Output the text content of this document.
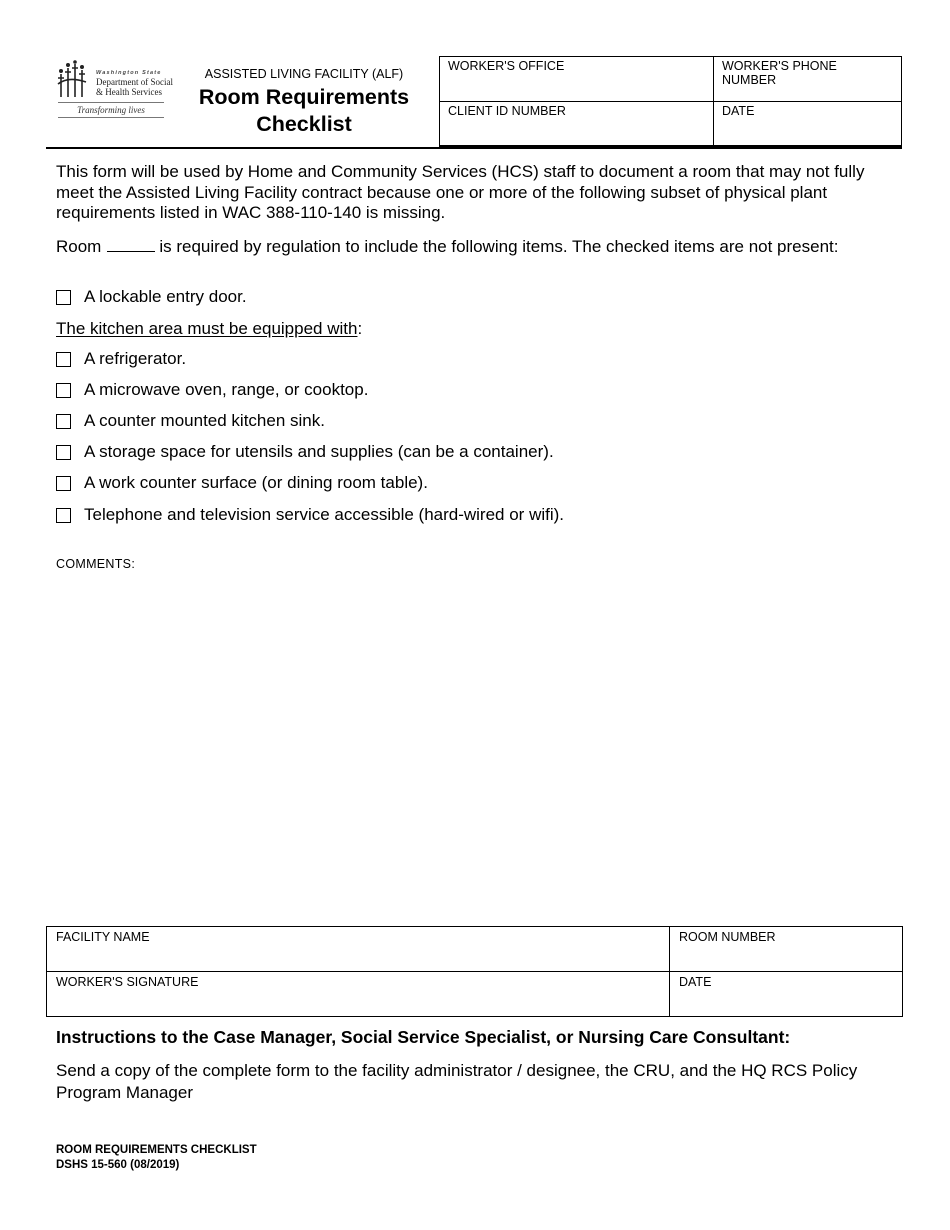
Washington State
Department of Social
& Health Services
Transforming lives
ASSISTED LIVING FACILITY (ALF)
Room Requirements
Checklist
WORKER'S OFFICE	WORKER'S PHONE NUMBER
CLIENT ID NUMBER	DATE
This form will be used by Home and Community Services (HCS) staff to document a room that may not fully meet the Assisted Living Facility contract because one or more of the following subset of physical plant requirements listed in WAC 388-110-140 is missing.
Room	is required by regulation to include the following items. The checked items are not present:
A lockable entry door.
The kitchen area must be equipped with:
A refrigerator.
A microwave oven, range, or cooktop.
A counter mounted kitchen sink.
A storage space for utensils and supplies (can be a container).
A work counter surface (or dining room table).
Telephone and television service accessible (hard-wired or wifi).
COMMENTS:
FACILITY NAME	ROOM NUMBER
WORKER'S SIGNATURE	DATE
Instructions to the Case Manager, Social Service Specialist, or Nursing Care Consultant:
Send a copy of the complete form to the facility administrator / designee, the CRU, and the HQ RCS Policy Program Manager
ROOM REQUIREMENTS CHECKLIST
DSHS 15-560 (08/2019)
